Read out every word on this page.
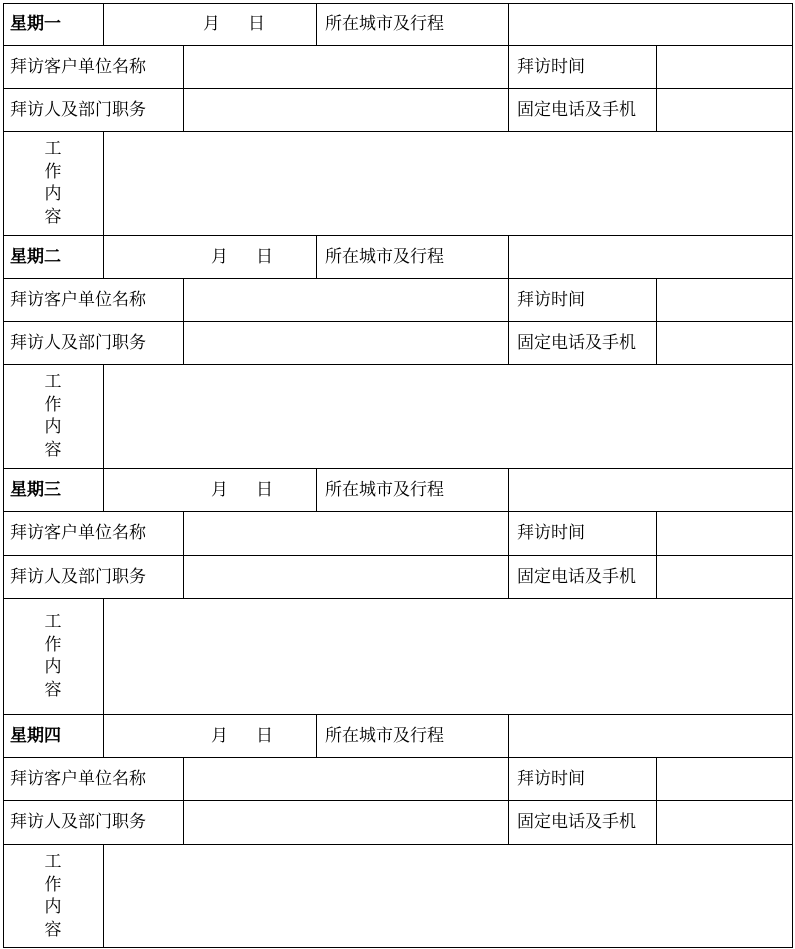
星期一	月 日	所在城市及行程
拜访客户单位名称	拜访时间
拜访人及部门职务	固定电话及手机
工
作
内
容
星期二	月 日	所在城市及行程
拜访客户单位名称	拜访时间
拜访人及部门职务	固定电话及手机
工
作
内
容
星期三	月 日	所在城市及行程
拜访客户单位名称	拜访时间
拜访人及部门职务	固定电话及手机
工
作
内
容
星期四	月 日	所在城市及行程
拜访客户单位名称	拜访时间
拜访人及部门职务	固定电话及手机
工
作
内
容
